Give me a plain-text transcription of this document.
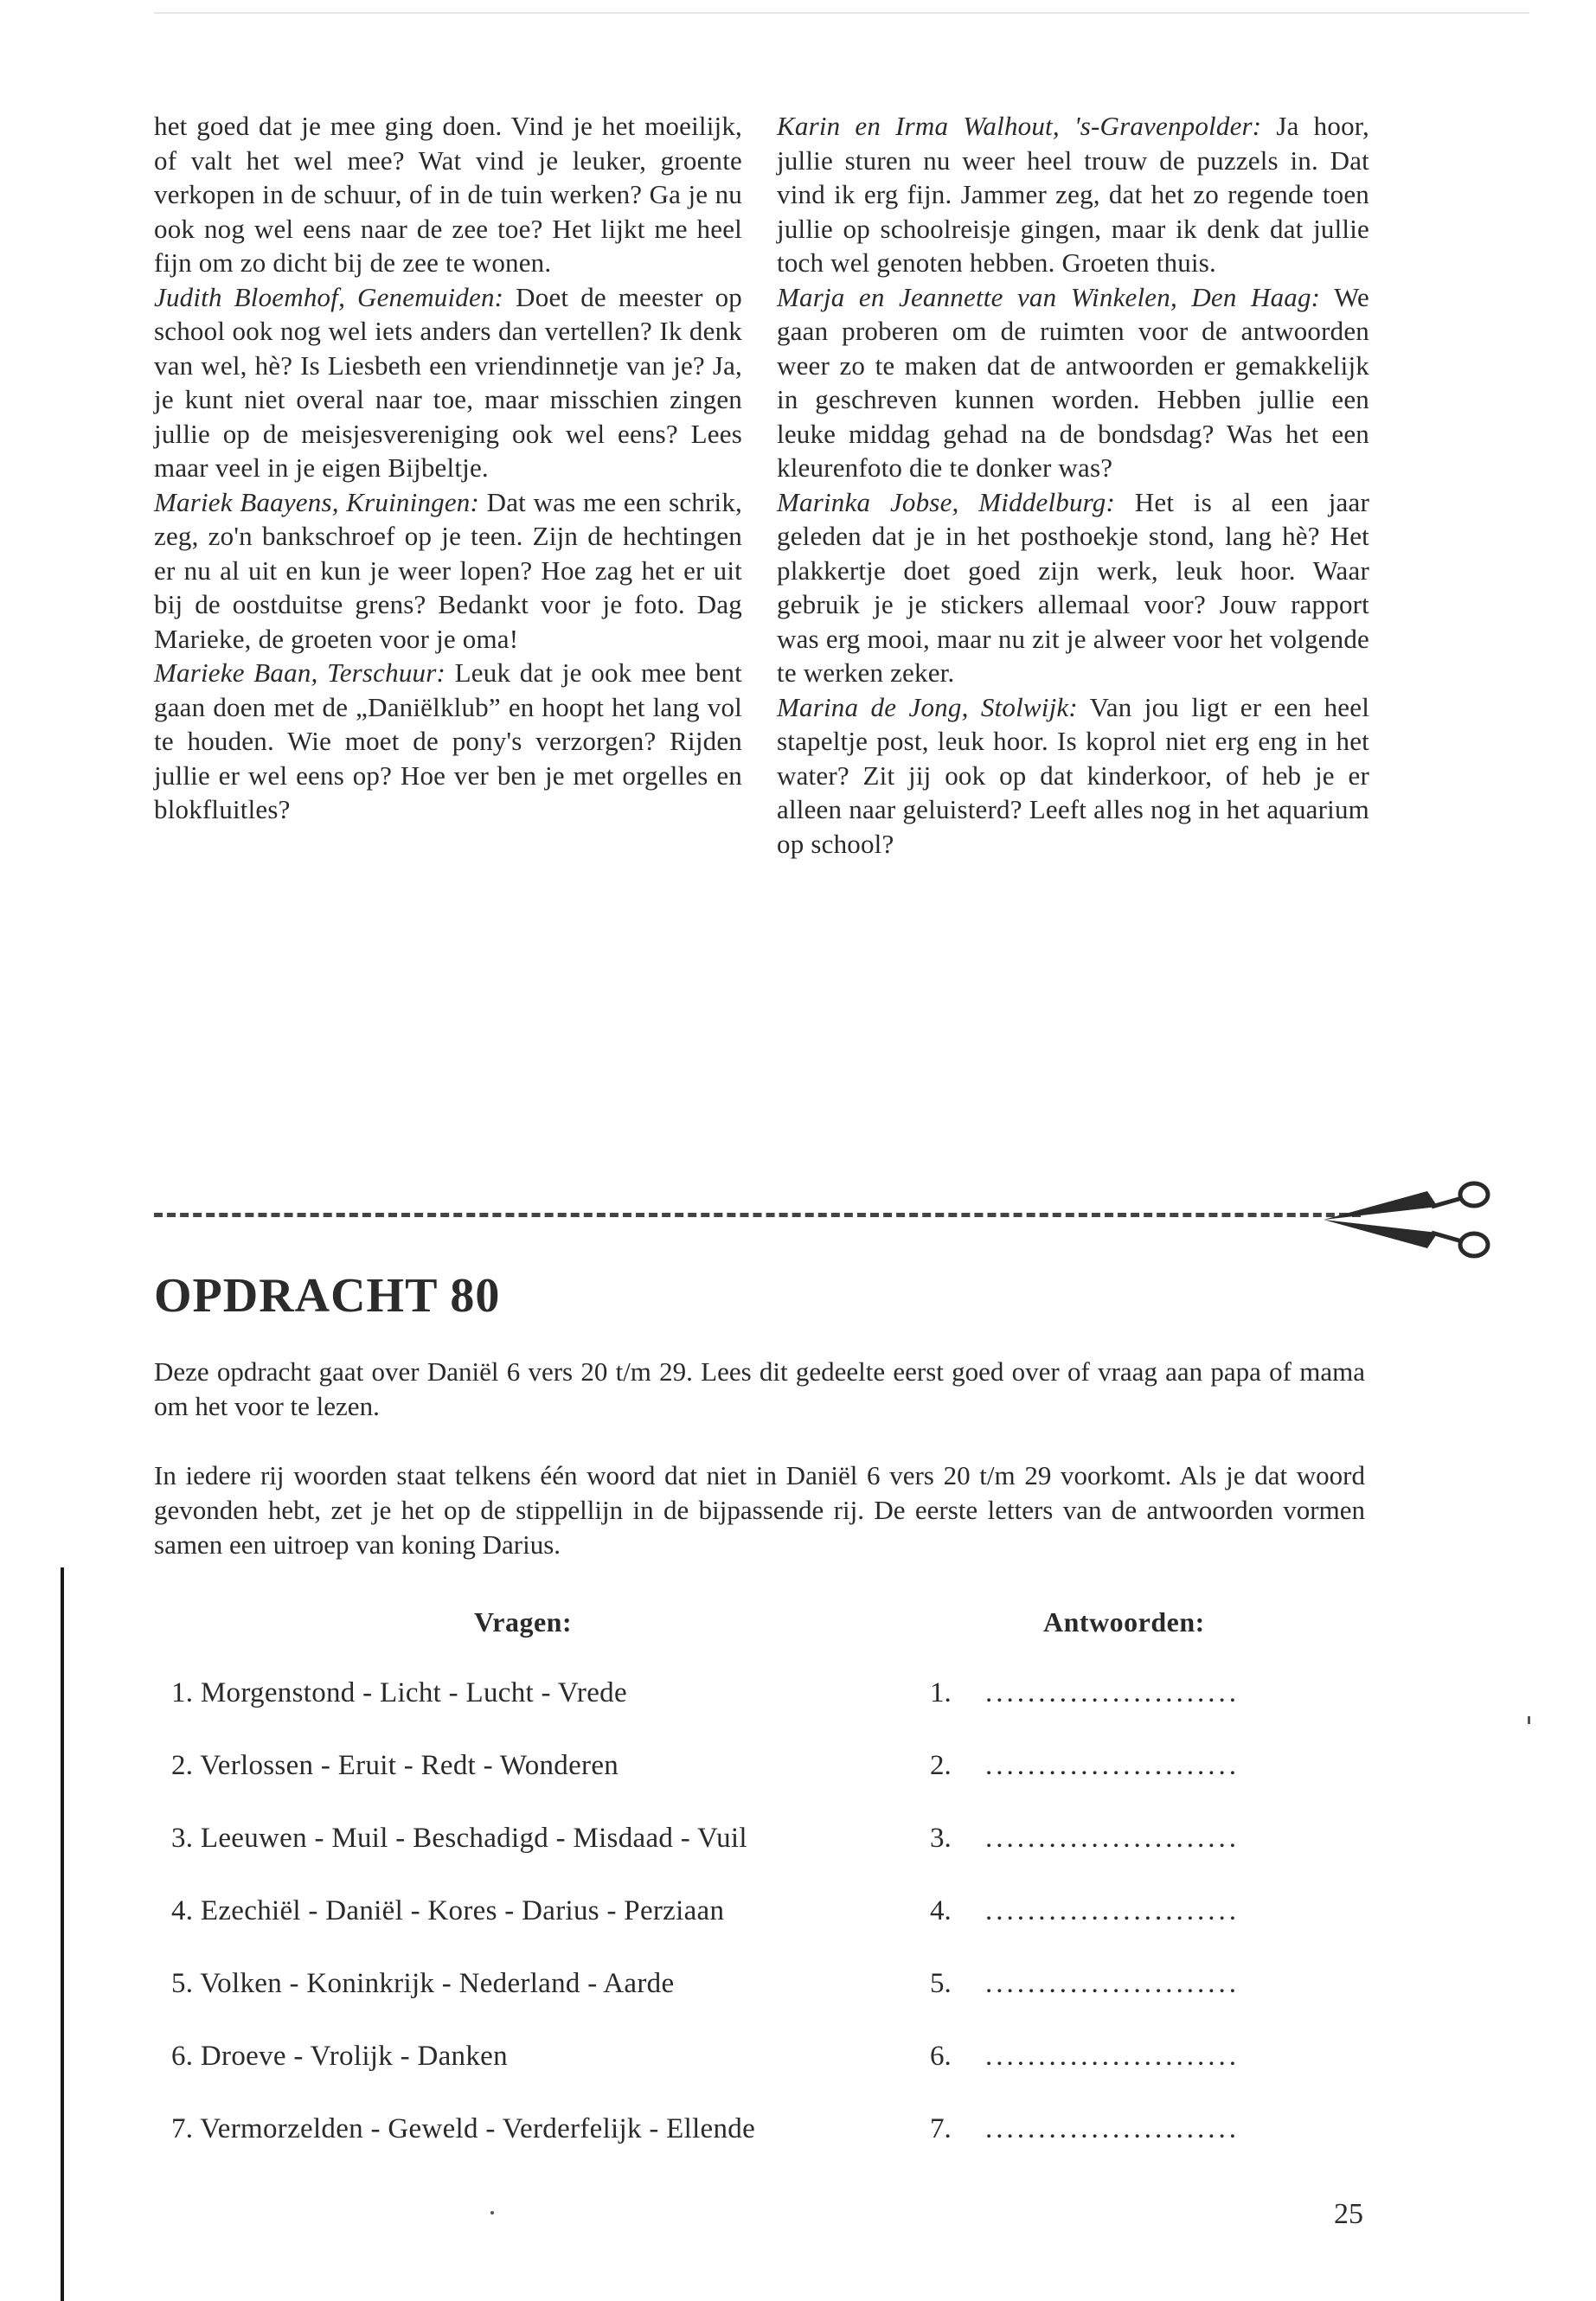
het goed dat je mee ging doen. Vind je het moeilijk, of valt het wel mee? Wat vind je leuker, groente verkopen in de schuur, of in de tuin werken? Ga je nu ook nog wel eens naar de zee toe? Het lijkt me heel fijn om zo dicht bij de zee te wonen.

Judith Bloemhof, Genemuiden: Doet de meester op school ook nog wel iets anders dan vertellen? Ik denk van wel, hè? Is Liesbeth een vriendinnetje van je? Ja, je kunt niet overal naar toe, maar misschien zingen jullie op de meisjesvereniging ook wel eens? Lees maar veel in je eigen Bijbeltje.

Mariek Baayens, Kruiningen: Dat was me een schrik, zeg, zo'n bankschroef op je teen. Zijn de hechtingen er nu al uit en kun je weer lopen? Hoe zag het er uit bij de oostduitse grens? Bedankt voor je foto. Dag Marieke, de groeten voor je oma!

Marieke Baan, Terschuur: Leuk dat je ook mee bent gaan doen met de „Daniëlklub” en hoopt het lang vol te houden. Wie moet de pony's verzorgen? Rijden jullie er wel eens op? Hoe ver ben je met orgelles en blokfluitles?

Karin en Irma Walhout, 's-Gravenpolder: Ja hoor, jullie sturen nu weer heel trouw de puzzels in. Dat vind ik erg fijn. Jammer zeg, dat het zo regende toen jullie op schoolreisje gingen, maar ik denk dat jullie toch wel genoten hebben. Groeten thuis.

Marja en Jeannette van Winkelen, Den Haag: We gaan proberen om de ruimten voor de antwoorden weer zo te maken dat de antwoorden er gemakkelijk in geschreven kunnen worden. Hebben jullie een leuke middag gehad na de bondsdag? Was het een kleurenfoto die te donker was?

Marinka Jobse, Middelburg: Het is al een jaar geleden dat je in het posthoekje stond, lang hè? Het plakkertje doet goed zijn werk, leuk hoor. Waar gebruik je je stickers allemaal voor? Jouw rapport was erg mooi, maar nu zit je alweer voor het volgende te werken zeker.

Marina de Jong, Stolwijk: Van jou ligt er een heel stapeltje post, leuk hoor. Is koprol niet erg eng in het water? Zit jij ook op dat kinderkoor, of heb je er alleen naar geluisterd? Leeft alles nog in het aquarium op school?

OPDRACHT 80

Deze opdracht gaat over Daniël 6 vers 20 t/m 29. Lees dit gedeelte eerst goed over of vraag aan papa of mama om het voor te lezen.

In iedere rij woorden staat telkens één woord dat niet in Daniël 6 vers 20 t/m 29 voorkomt. Als je dat woord gevonden hebt, zet je het op de stippellijn in de bijpassende rij. De eerste letters van de antwoorden vormen samen een uitroep van koning Darius.

Vragen:	Antwoorden:
1. Morgenstond - Licht - Lucht - Vrede
2. Verlossen - Eruit - Redt - Wonderen
3. Leeuwen - Muil - Beschadigd - Misdaad - Vuil
4. Ezechiël - Daniël - Kores - Darius - Perziaan
5. Volken - Koninkrijk - Nederland - Aarde
6. Droeve - Vrolijk - Danken
7. Vermorzelden - Geweld - Verderfelijk - Ellende
1. ........................
2. ........................
3. ........................
4. ........................
5. ........................
6. ........................
7. ........................
25
